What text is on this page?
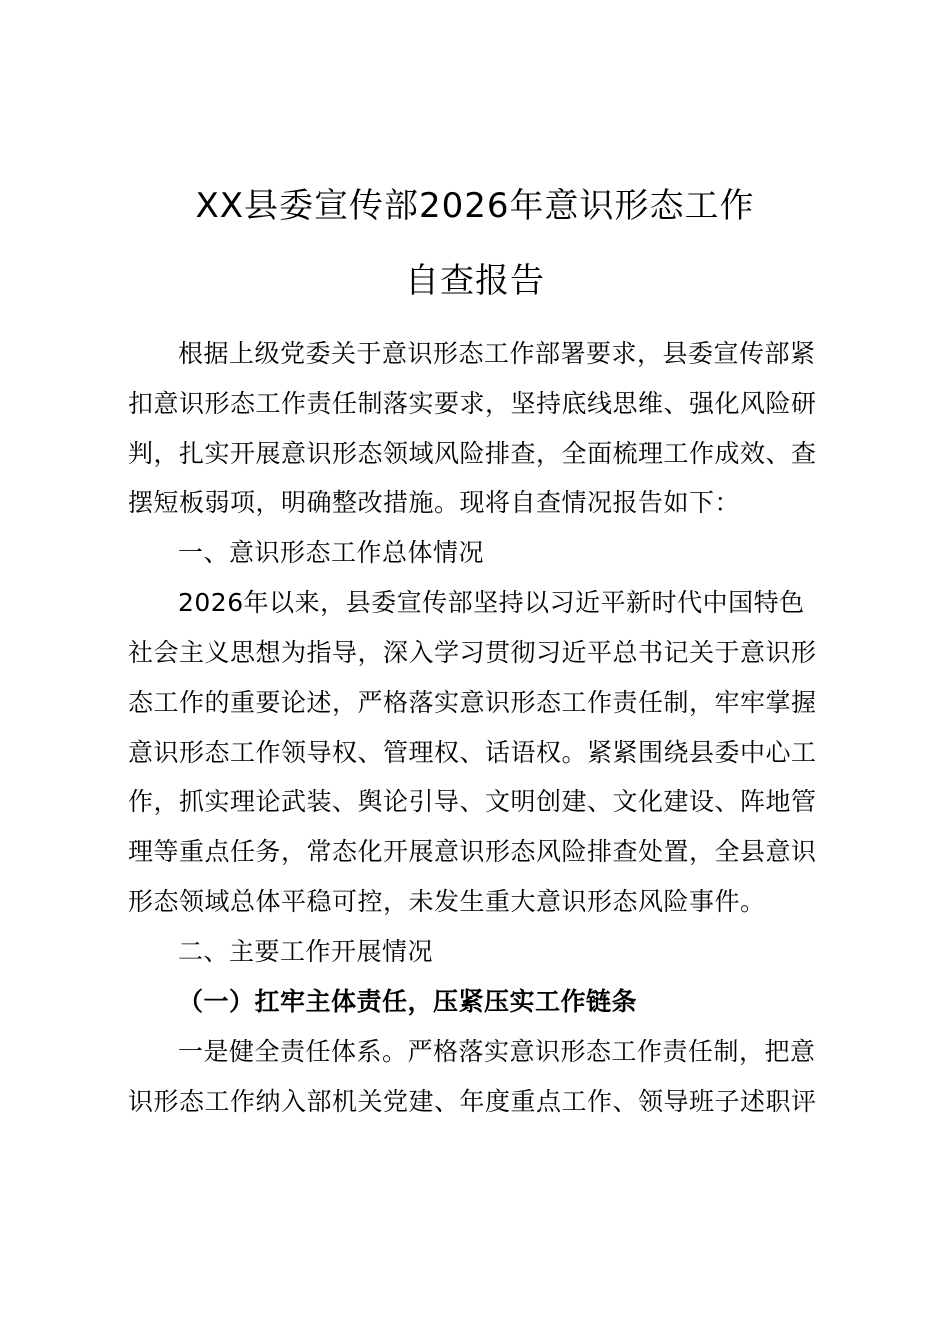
XX县委宣传部2026年意识形态工作
自查报告
根据上级党委关于意识形态工作部署要求，县委宣传部紧
扣意识形态工作责任制落实要求，坚持底线思维、强化风险研
判，扎实开展意识形态领域风险排查，全面梳理工作成效、查
摆短板弱项，明确整改措施。现将自查情况报告如下：
一、意识形态工作总体情况
2026年以来，县委宣传部坚持以习近平新时代中国特色
社会主义思想为指导，深入学习贯彻习近平总书记关于意识形
态工作的重要论述，严格落实意识形态工作责任制，牢牢掌握
意识形态工作领导权、管理权、话语权。紧紧围绕县委中心工
作，抓实理论武装、舆论引导、文明创建、文化建设、阵地管
理等重点任务，常态化开展意识形态风险排查处置，全县意识
形态领域总体平稳可控，未发生重大意识形态风险事件。
二、主要工作开展情况
（一）扛牢主体责任，压紧压实工作链条
一是健全责任体系。严格落实意识形态工作责任制，把意
识形态工作纳入部机关党建、年度重点工作、领导班子述职评
